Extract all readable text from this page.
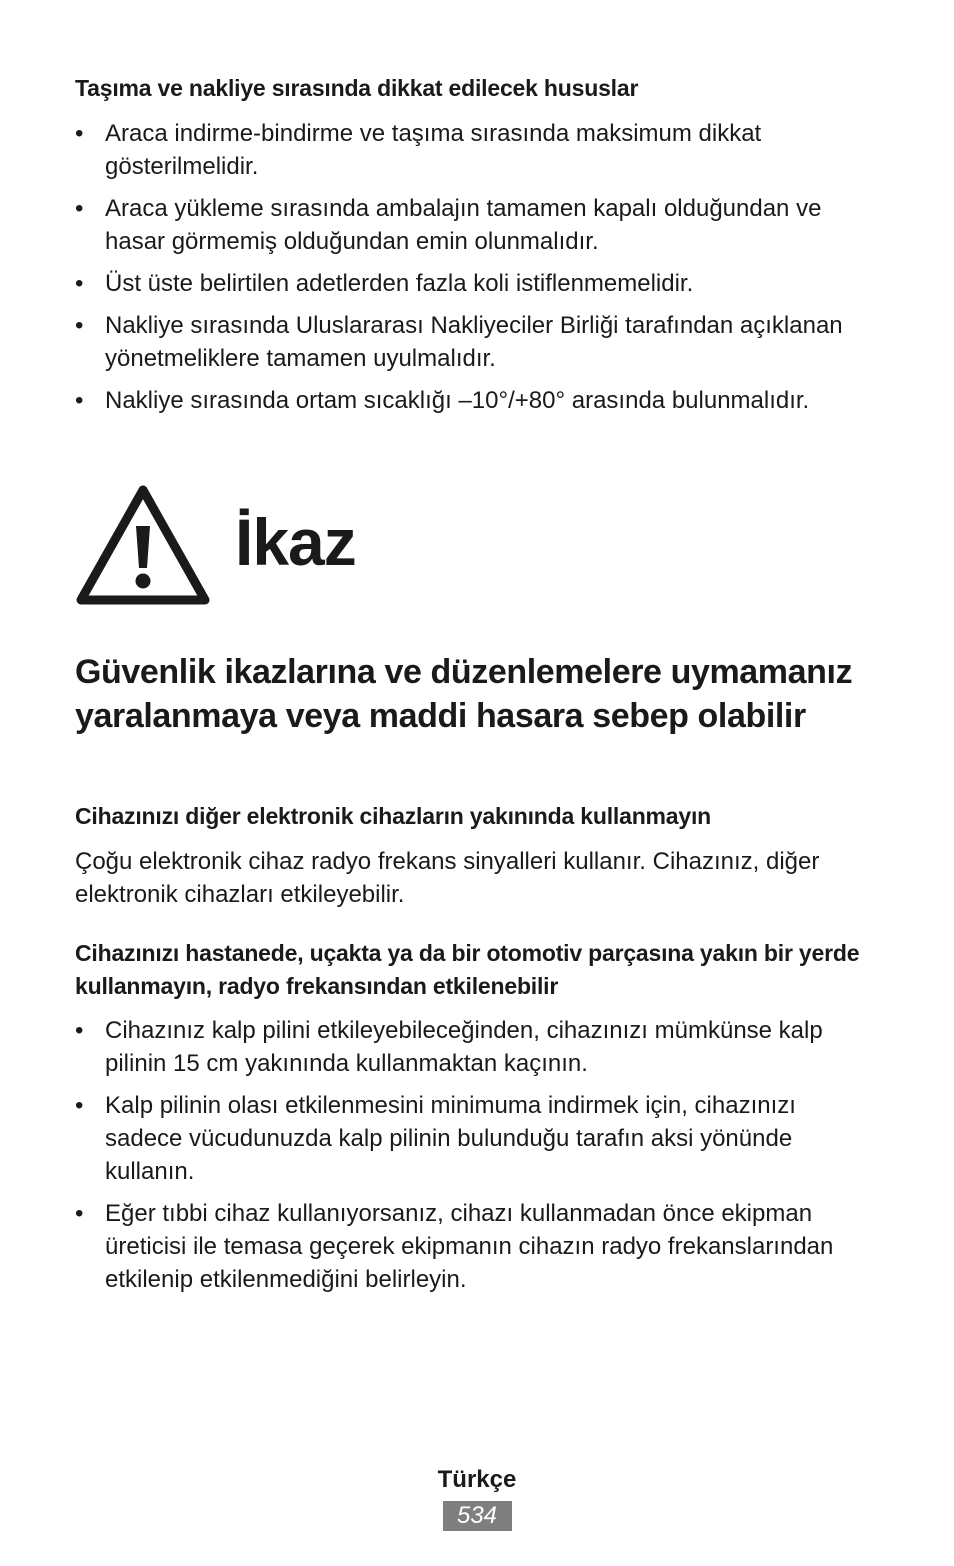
Taşıma ve nakliye sırasında dikkat edilecek hususlar
• Araca indirme-bindirme ve taşıma sırasında maksimum dikkat gösterilmelidir.
• Araca yükleme sırasında ambalajın tamamen kapalı olduğundan ve hasar görmemiş olduğundan emin olunmalıdır.
• Üst üste belirtilen adetlerden fazla koli istiflenmemelidir.
• Nakliye sırasında Uluslararası Nakliyeciler Birliği tarafından açıklanan yönetmeliklere tamamen uyulmalıdır.
• Nakliye sırasında ortam sıcaklığı –10°/+80° arasında bulunmalıdır.
İkaz
Güvenlik ikazlarına ve düzenlemelere uymamanız yaralanmaya veya maddi hasara sebep olabilir
Cihazınızı diğer elektronik cihazların yakınında kullanmayın

Çoğu elektronik cihaz radyo frekans sinyalleri kullanır. Cihazınız, diğer elektronik cihazları etkileyebilir.

Cihazınızı hastanede, uçakta ya da bir otomotiv parçasına yakın bir yerde kullanmayın, radyo frekansından etkilenebilir
• Cihazınız kalp pilini etkileyebileceğinden, cihazınızı mümkünse kalp pilinin 15 cm yakınında kullanmaktan kaçının.
• Kalp pilinin olası etkilenmesini minimuma indirmek için, cihazınızı sadece vücudunuzda kalp pilinin bulunduğu tarafın aksi yönünde kullanın.
• Eğer tıbbi cihaz kullanıyorsanız, cihazı kullanmadan önce ekipman üreticisi ile temasa geçerek ekipmanın cihazın radyo frekanslarından etkilenip etkilenmediğini belirleyin.
Türkçe
534
